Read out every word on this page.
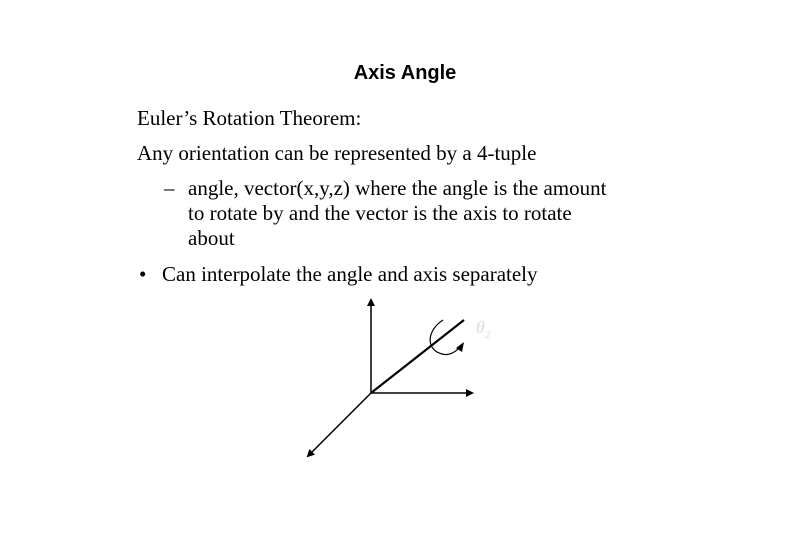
Axis Angle
Euler’s Rotation Theorem:
Any orientation can be represented by a 4-tuple
– angle, vector(x,y,z) where the angle is the amount
to rotate by and the vector is the axis to rotate
about
• Can interpolate the angle and axis separately
$\theta_2$
